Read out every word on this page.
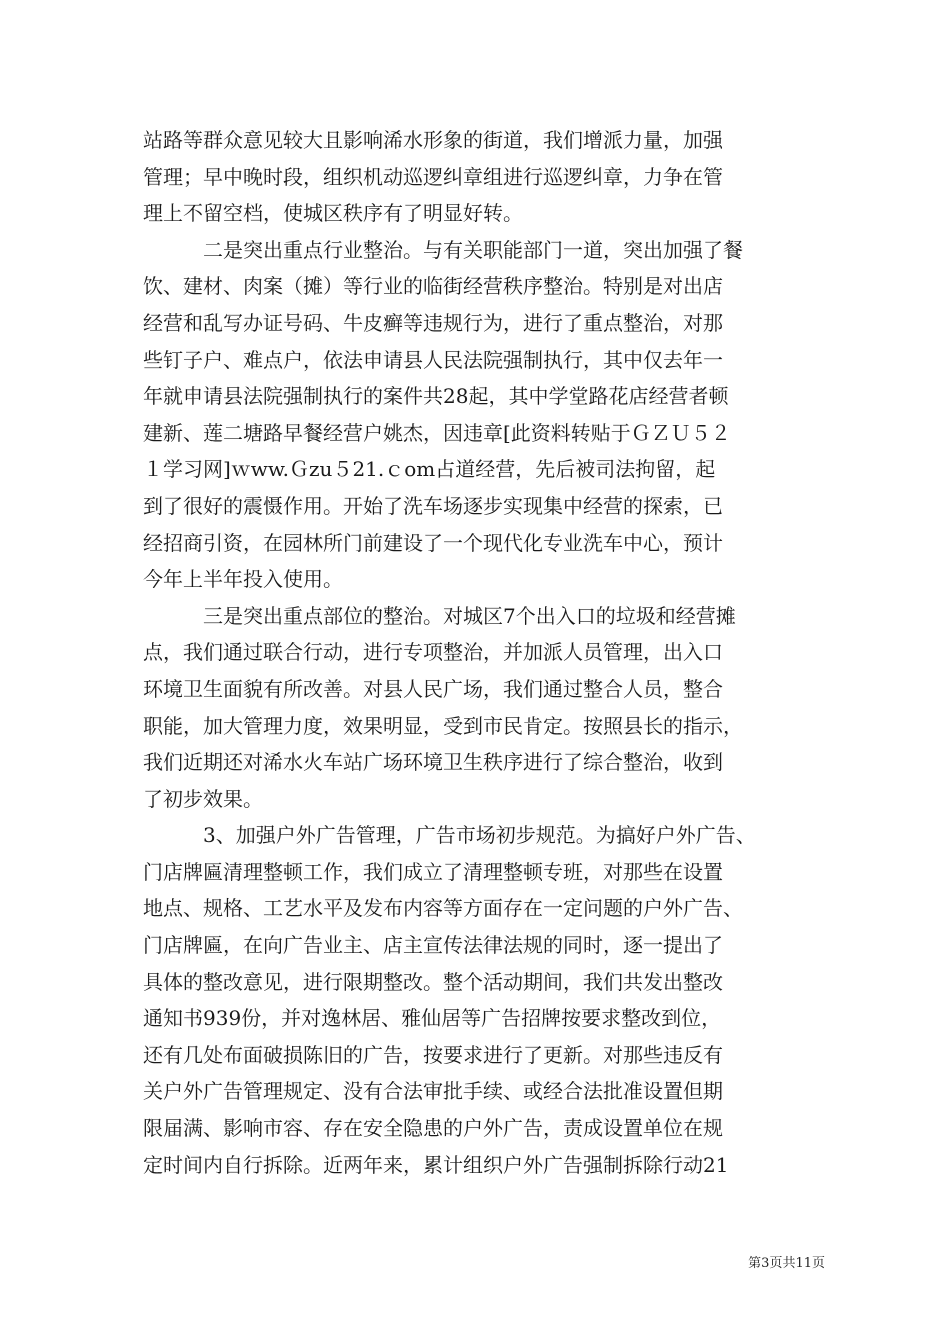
站路等群众意见较大且影响浠水形象的街道，我们增派力量，加强
管理；早中晚时段，组织机动巡逻纠章组进行巡逻纠章，力争在管
理上不留空档，使城区秩序有了明显好转。
二是突出重点行业整治。与有关职能部门一道，突出加强了餐
饮、建材、肉案（摊）等行业的临街经营秩序整治。特别是对出店
经营和乱写办证号码、牛皮癣等违规行为，进行了重点整治，对那
些钉子户、难点户，依法申请县人民法院强制执行，其中仅去年一
年就申请县法院强制执行的案件共28起，其中学堂路花店经营者顿
建新、莲二塘路早餐经营户姚杰，因违章[此资料转贴于ＧＺＵ５２
１学习网]ｗww.Ｇzu５21.ｃom占道经营，先后被司法拘留，起
到了很好的震慑作用。开始了洗车场逐步实现集中经营的探索，已
经招商引资，在园林所门前建设了一个现代化专业洗车中心，预计
今年上半年投入使用。
三是突出重点部位的整治。对城区7个出入口的垃圾和经营摊
点，我们通过联合行动，进行专项整治，并加派人员管理，出入口
环境卫生面貌有所改善。对县人民广场，我们通过整合人员，整合
职能，加大管理力度，效果明显，受到市民肯定。按照县长的指示，
我们近期还对浠水火车站广场环境卫生秩序进行了综合整治，收到
了初步效果。
3、加强户外广告管理，广告市场初步规范。为搞好户外广告、
门店牌匾清理整顿工作，我们成立了清理整顿专班，对那些在设置
地点、规格、工艺水平及发布内容等方面存在一定问题的户外广告、
门店牌匾，在向广告业主、店主宣传法律法规的同时，逐一提出了
具体的整改意见，进行限期整改。整个活动期间，我们共发出整改
通知书939份，并对逸林居、雅仙居等广告招牌按要求整改到位，
还有几处布面破损陈旧的广告，按要求进行了更新。对那些违反有
关户外广告管理规定、没有合法审批手续、或经合法批准设置但期
限届满、影响市容、存在安全隐患的户外广告，责成设置单位在规
定时间内自行拆除。近两年来，累计组织户外广告强制拆除行动21
第3页共11页
